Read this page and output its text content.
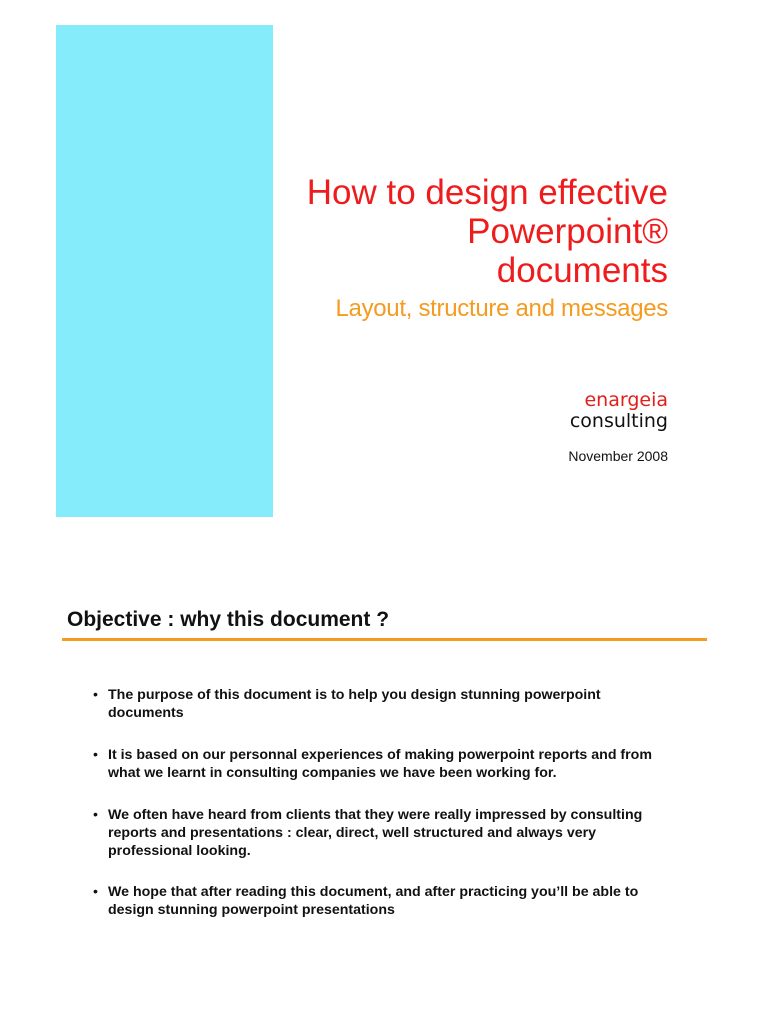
How to design effective
Powerpoint®
documents
Layout, structure and messages
enargeia
consulting
November 2008
Objective : why this document ?
• The purpose of this document is to help you design stunning powerpoint
documents
• It is based on our personnal experiences of making powerpoint reports and from
what we learnt in consulting companies we have been working for.
• We often have heard from clients that they were really impressed by consulting
reports and presentations : clear, direct, well structured and always very
professional looking.
• We hope that after reading this document, and after practicing you’ll be able to
design stunning powerpoint presentations
